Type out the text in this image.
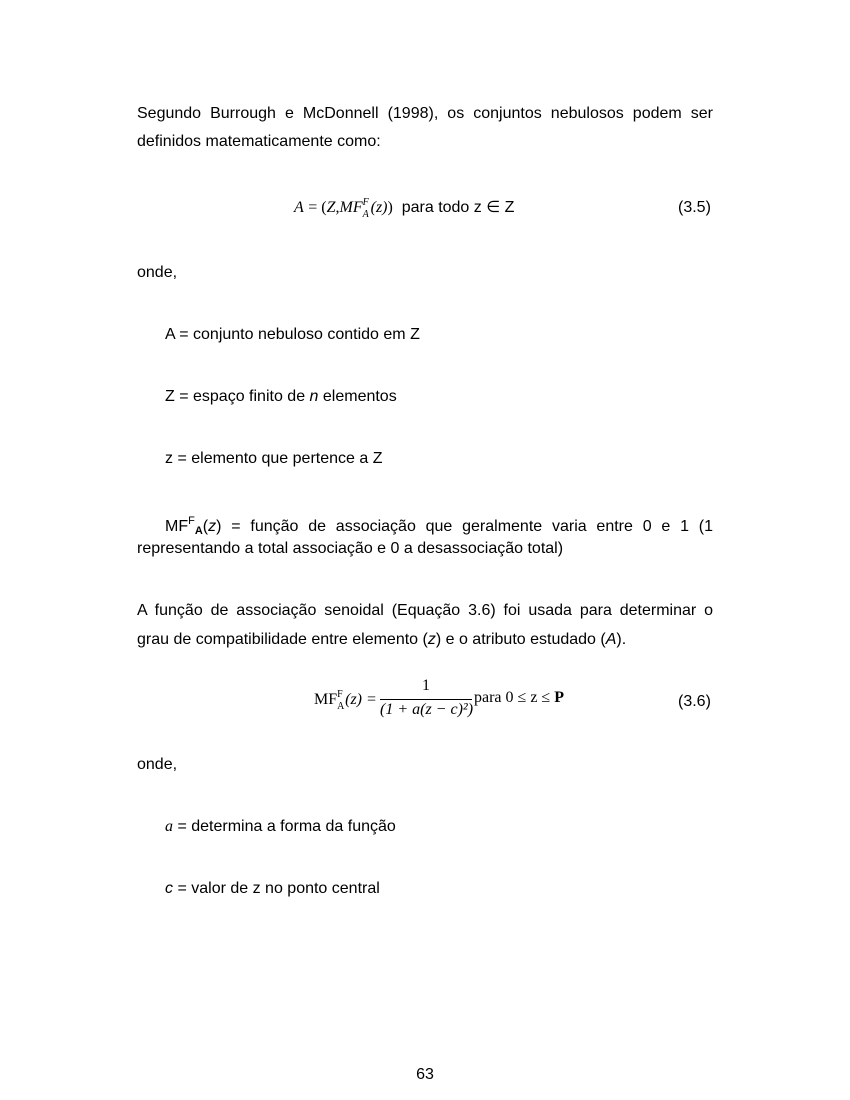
Segundo Burrough e McDonnell (1998), os conjuntos nebulosos podem ser definidos matematicamente como:
A = (Z,MF F
A (z)) para todo z ∈ Z	(3.5)
onde,
A = conjunto nebuloso contido em Z
Z = espaço finito de n elementos
z = elemento que pertence a Z
$MF^FA(z)$ = função de associação que geralmente varia entre 0 e 1 (1
representando a total associação e 0 a desassociação total)
A função de associação senoidal (Equação 3.6) foi usada para determinar o
grau de compatibilidade entre elemento (z) e o atributo estudado (A).
MF F
A (z) =
1
(1 + a(z − c)²)
para 0 ≤ z ≤ P	(3.6)
onde,
a = determina a forma da função
c = valor de z no ponto central
63
